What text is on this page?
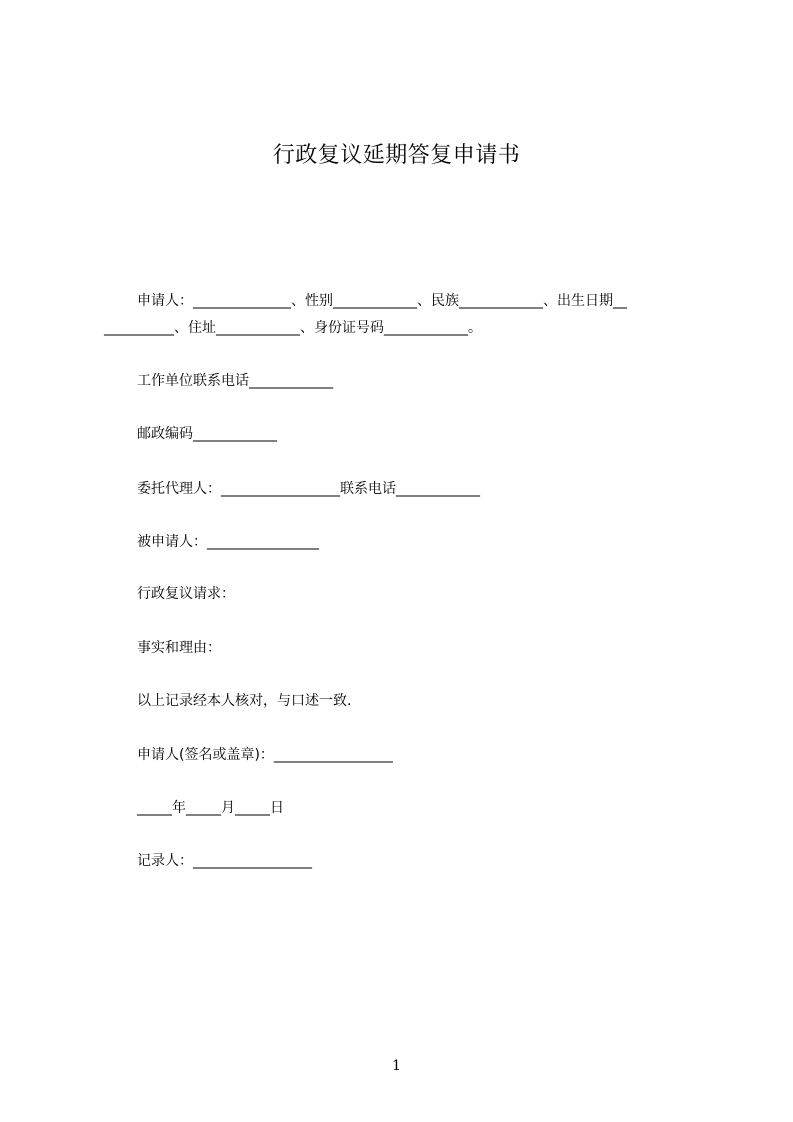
行政复议延期答复申请书
申请人：______________、性别____________、民族____________、出生日期__
__________、住址____________、身份证号码____________。
工作单位联系电话____________
邮政编码____________
委托代理人：_________________联系电话____________
被申请人：________________
行政复议请求：
事实和理由：
以上记录经本人核对，与口述一致.
申请人(签名或盖章)：_________________
_____年_____月_____日
记录人：_________________
1
